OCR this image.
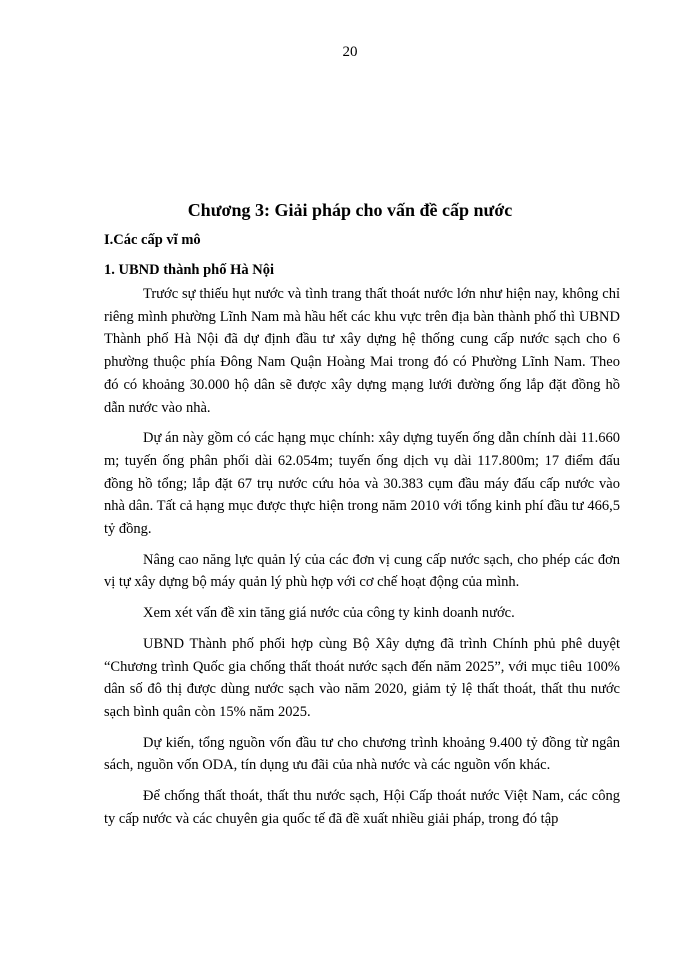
20
Chương 3: Giải pháp cho vấn đề cấp nước
I.Các cấp vĩ mô
1. UBND thành phố Hà Nội

Trước sự thiếu hụt nước và tình trang thất thoát nước lớn như hiện nay, không chỉ riêng mình phường Lĩnh Nam mà hầu hết các khu vực trên địa bàn thành phố thì UBND Thành phố Hà Nội đã dự định đầu tư xây dựng hệ thống cung cấp nước sạch cho 6 phường thuộc phía Đông Nam Quận Hoàng Mai trong đó có Phường Lĩnh Nam. Theo đó có khoảng 30.000 hộ dân sẽ được xây dựng mạng lưới đường ống lắp đặt đồng hồ dẫn nước vào nhà.

Dự án này gồm có các hạng mục chính: xây dựng tuyến ống dẫn chính dài 11.660 m; tuyến ống phân phối dài 62.054m; tuyến ống dịch vụ dài 117.800m; 17 điểm đấu đồng hồ tổng; lắp đặt 67 trụ nước cứu hỏa và 30.383 cụm đầu máy đấu cấp nước vào nhà dân. Tất cả hạng mục được thực hiện trong năm 2010 với tổng kinh phí đầu tư 466,5 tỷ đồng.

Nâng cao năng lực quản lý của các đơn vị cung cấp nước sạch, cho phép các đơn vị tự xây dựng bộ máy quản lý phù hợp với cơ chế hoạt động của mình.

Xem xét vấn đề xin tăng giá nước của công ty kinh doanh nước.

UBND Thành phố phối hợp cùng Bộ Xây dựng đã trình Chính phủ phê duyệt “Chương trình Quốc gia chống thất thoát nước sạch đến năm 2025”, với mục tiêu 100% dân số đô thị được dùng nước sạch vào năm 2020, giảm tỷ lệ thất thoát, thất thu nước sạch bình quân còn 15% năm 2025.

Dự kiến, tổng nguồn vốn đầu tư cho chương trình khoảng 9.400 tỷ đồng từ ngân sách, nguồn vốn ODA, tín dụng ưu đãi của nhà nước và các nguồn vốn khác.

Để chống thất thoát, thất thu nước sạch, Hội Cấp thoát nước Việt Nam, các công ty cấp nước và các chuyên gia quốc tế đã đề xuất nhiều giải pháp, trong đó tập
